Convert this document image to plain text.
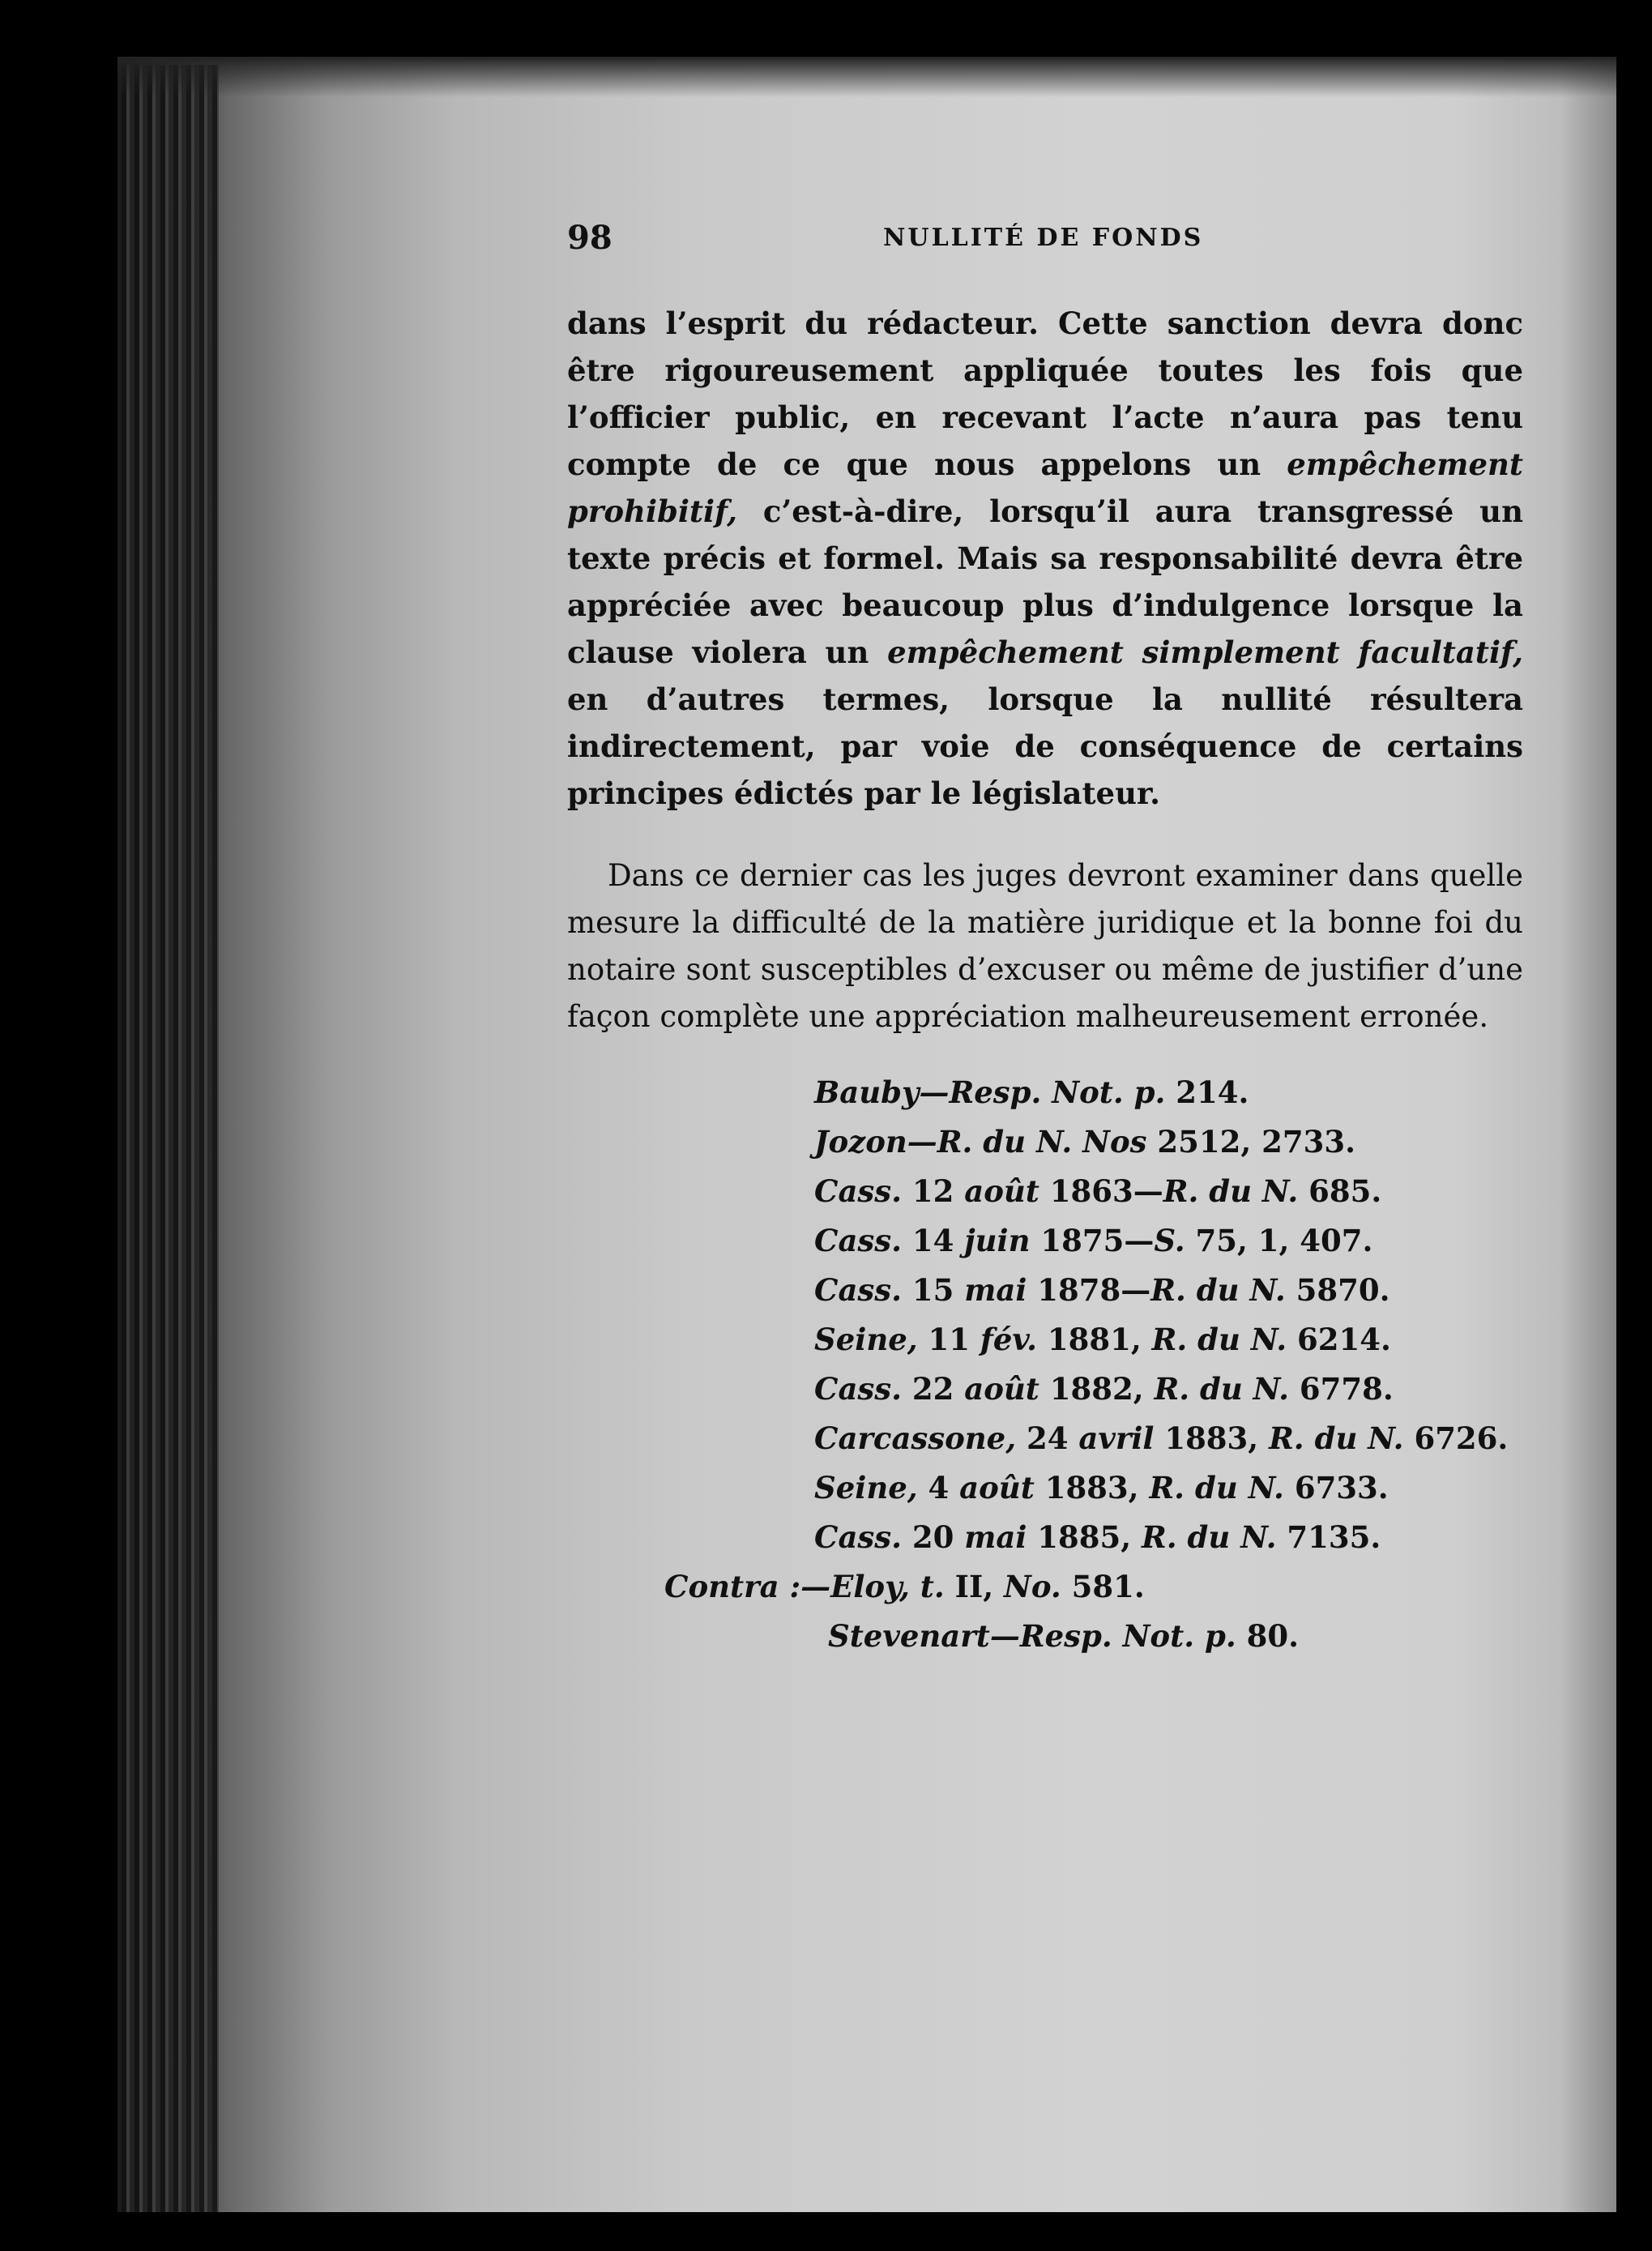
98	NULLITÉ DE FONDS

dans l’esprit du rédacteur. Cette sanction devra donc être rigoureusement appliquée toutes les fois que l’officier public, en recevant l’acte n’aura pas tenu compte de ce que nous appelons un empêchement prohibitif, c’est-à-dire, lorsqu’il aura transgressé un texte précis et formel. Mais sa responsabilité devra être appréciée avec beaucoup plus d’indulgence lorsque la clause violera un empêchement simplement facultatif, en d’autres termes, lorsque la nullité résultera indirectement, par voie de conséquence de certains principes édictés par le législateur.

Dans ce dernier cas les juges devront examiner dans quelle mesure la difficulté de la matière juridique et la bonne foi du notaire sont susceptibles d’excuser ou même de justifier d’une façon complète une appréciation malheureusement erronée.

Bauby—Resp. Not. p. 214.
Jozon—R. du N. Nos 2512, 2733.
Cass. 12 août 1863—R. du N. 685.
Cass. 14 juin 1875—S. 75, 1, 407.
Cass. 15 mai 1878—R. du N. 5870.
Seine, 11 fév. 1881, R. du N. 6214.
Cass. 22 août 1882, R. du N. 6778.
Carcassone, 24 avril 1883, R. du N. 6726.
Seine, 4 août 1883, R. du N. 6733.
Cass. 20 mai 1885, R. du N. 7135.
Contra :—Eloy, t. II, No. 581.
Stevenart—Resp. Not. p. 80.
